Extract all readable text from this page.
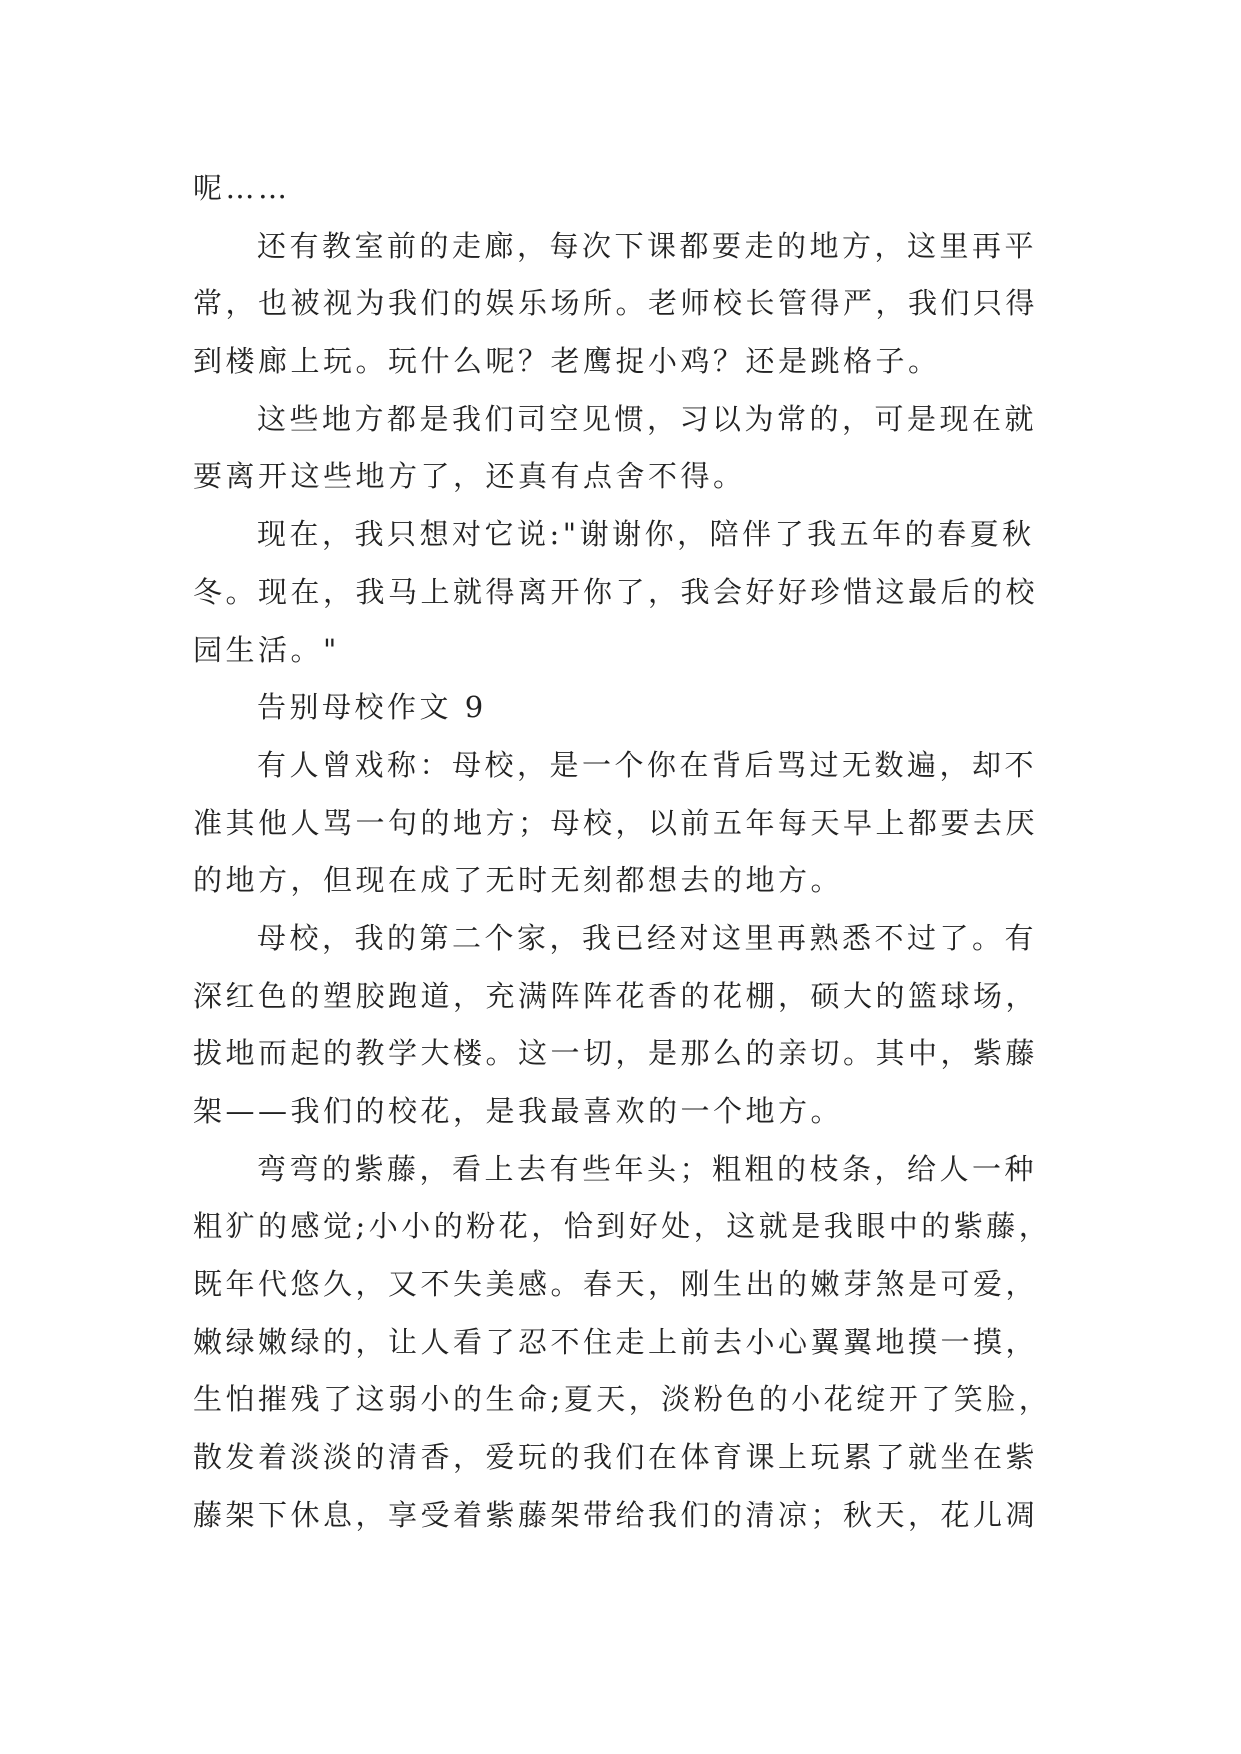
呢……
还有教室前的走廊，每次下课都要走的地方，这里再平
常，也被视为我们的娱乐场所。老师校长管得严，我们只得
到楼廊上玩。玩什么呢？老鹰捉小鸡？还是跳格子。
这些地方都是我们司空见惯，习以为常的，可是现在就
要离开这些地方了，还真有点舍不得。
现在，我只想对它说:"谢谢你，陪伴了我五年的春夏秋
冬。现在，我马上就得离开你了，我会好好珍惜这最后的校
园生活。"
告别母校作文 9
有人曾戏称：母校，是一个你在背后骂过无数遍，却不
准其他人骂一句的地方；母校，以前五年每天早上都要去厌
的地方，但现在成了无时无刻都想去的地方。
母校，我的第二个家，我已经对这里再熟悉不过了。有
深红色的塑胶跑道，充满阵阵花香的花棚，硕大的篮球场，
拔地而起的教学大楼。这一切，是那么的亲切。其中，紫藤
架——我们的校花，是我最喜欢的一个地方。
弯弯的紫藤，看上去有些年头；粗粗的枝条，给人一种
粗犷的感觉;小小的粉花，恰到好处，这就是我眼中的紫藤，
既年代悠久，又不失美感。春天，刚生出的嫩芽煞是可爱，
嫩绿嫩绿的，让人看了忍不住走上前去小心翼翼地摸一摸，
生怕摧残了这弱小的生命;夏天，淡粉色的小花绽开了笑脸，
散发着淡淡的清香，爱玩的我们在体育课上玩累了就坐在紫
藤架下休息，享受着紫藤架带给我们的清凉；秋天，花儿凋
